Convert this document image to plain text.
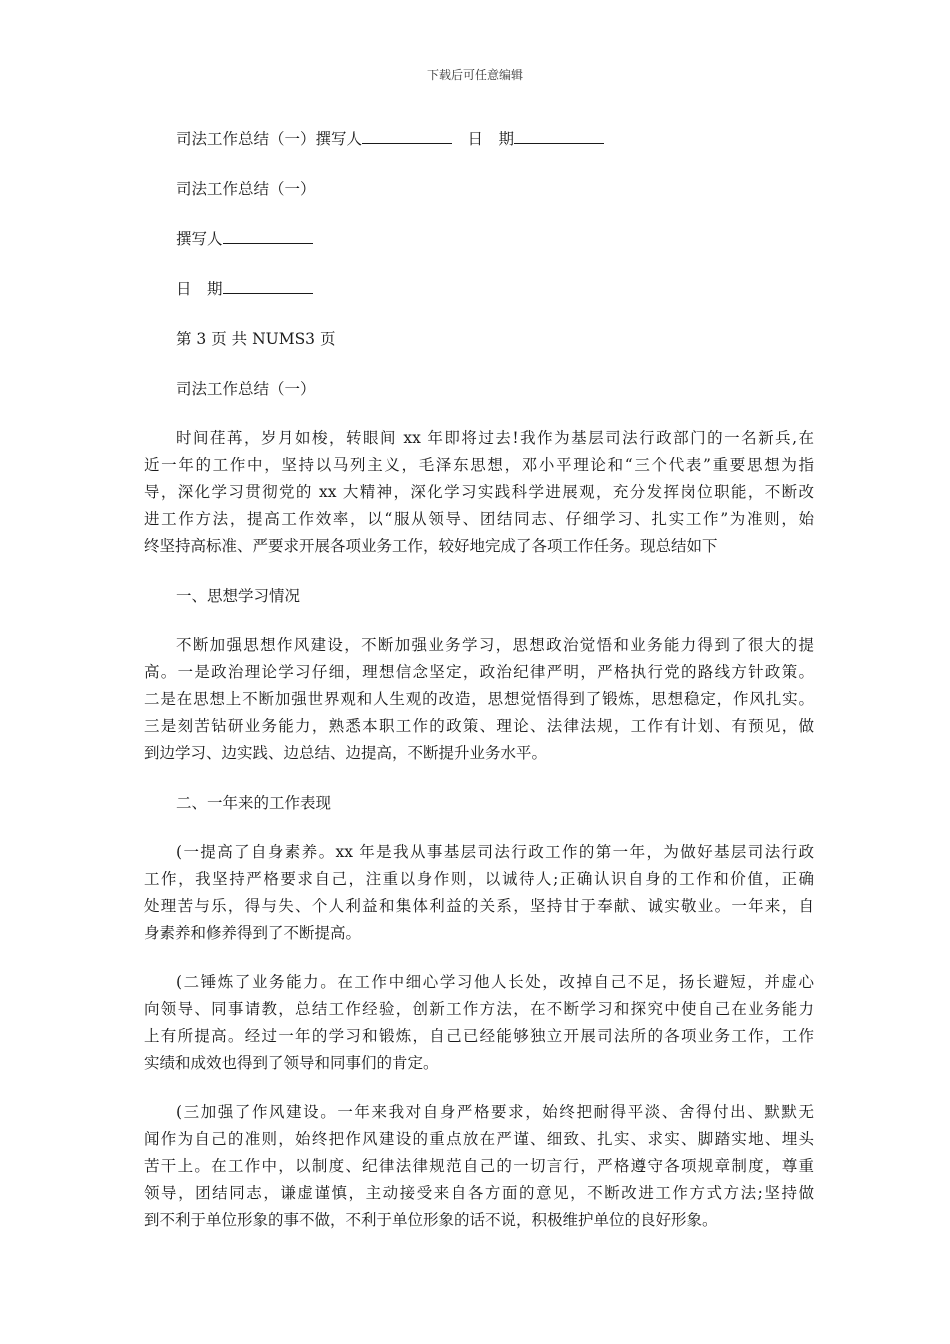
下载后可任意编辑

司法工作总结（一）撰写人　	日　期

司法工作总结（一）

撰写人

日　期

第 3 页 共 NUMS3 页

司法工作总结（一）

时间荏苒，岁月如梭，转眼间 xx 年即将过去!我作为基层司法行政部门的一名新兵,在
近一年的工作中，坚持以马列主义，毛泽东思想，邓小平理论和“三个代表”重要思想为指
导，深化学习贯彻党的 xx 大精神，深化学习实践科学进展观，充分发挥岗位职能，不断改
进工作方法，提高工作效率，以“服从领导、团结同志、仔细学习、扎实工作”为准则，始
终坚持高标准、严要求开展各项业务工作，较好地完成了各项工作任务。现总结如下

一、思想学习情况

不断加强思想作风建设，不断加强业务学习，思想政治觉悟和业务能力得到了很大的提
高。一是政治理论学习仔细，理想信念坚定，政治纪律严明，严格执行党的路线方针政策。
二是在思想上不断加强世界观和人生观的改造，思想觉悟得到了锻炼，思想稳定，作风扎实。
三是刻苦钻研业务能力，熟悉本职工作的政策、理论、法律法规，工作有计划、有预见，做
到边学习、边实践、边总结、边提高，不断提升业务水平。

二、一年来的工作表现

(一提高了自身素养。xx 年是我从事基层司法行政工作的第一年，为做好基层司法行政
工作，我坚持严格要求自己，注重以身作则，以诚待人;正确认识自身的工作和价值，正确
处理苦与乐，得与失、个人利益和集体利益的关系，坚持甘于奉献、诚实敬业。一年来，自
身素养和修养得到了不断提高。
(二锤炼了业务能力。在工作中细心学习他人长处，改掉自己不足，扬长避短，并虚心
向领导、同事请教，总结工作经验，创新工作方法，在不断学习和探究中使自己在业务能力
上有所提高。经过一年的学习和锻炼，自己已经能够独立开展司法所的各项业务工作，工作
实绩和成效也得到了领导和同事们的肯定。
(三加强了作风建设。一年来我对自身严格要求，始终把耐得平淡、舍得付出、默默无
闻作为自己的准则，始终把作风建设的重点放在严谨、细致、扎实、求实、脚踏实地、埋头
苦干上。在工作中，以制度、纪律法律规范自己的一切言行，严格遵守各项规章制度，尊重
领导，团结同志，谦虚谨慎，主动接受来自各方面的意见，不断改进工作方式方法;坚持做
到不利于单位形象的事不做，不利于单位形象的话不说，积极维护单位的良好形象。
